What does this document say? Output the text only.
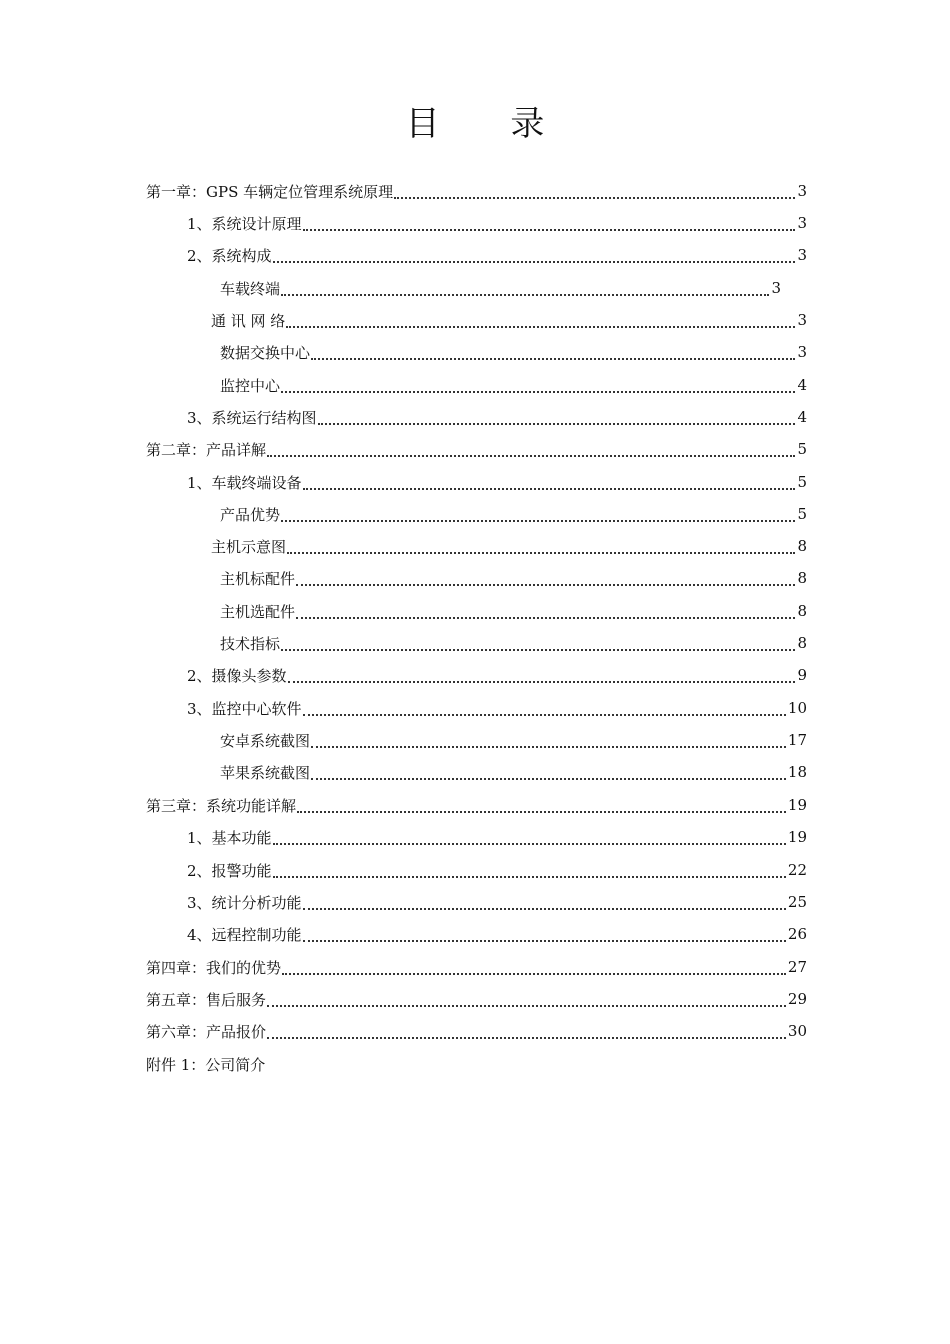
目 录
第一章：GPS 车辆定位管理系统原理	3
1、系统设计原理	3
2、系统构成	3
车载终端	3
通 讯 网 络	3
数据交换中心	3
监控中心	4
3、系统运行结构图	4
第二章：产品详解	5
1、车载终端设备	5
产品优势	5
主机示意图	8
主机标配件	8
主机选配件	8
技术指标	8
2、摄像头参数	9
3、监控中心软件	10
安卓系统截图	17
苹果系统截图	18
第三章：系统功能详解	19
1、基本功能	19
2、报警功能	22
3、统计分析功能	25
4、远程控制功能	26
第四章：我们的优势	27
第五章：售后服务	29
第六章：产品报价	30
附件 1：公司简介
